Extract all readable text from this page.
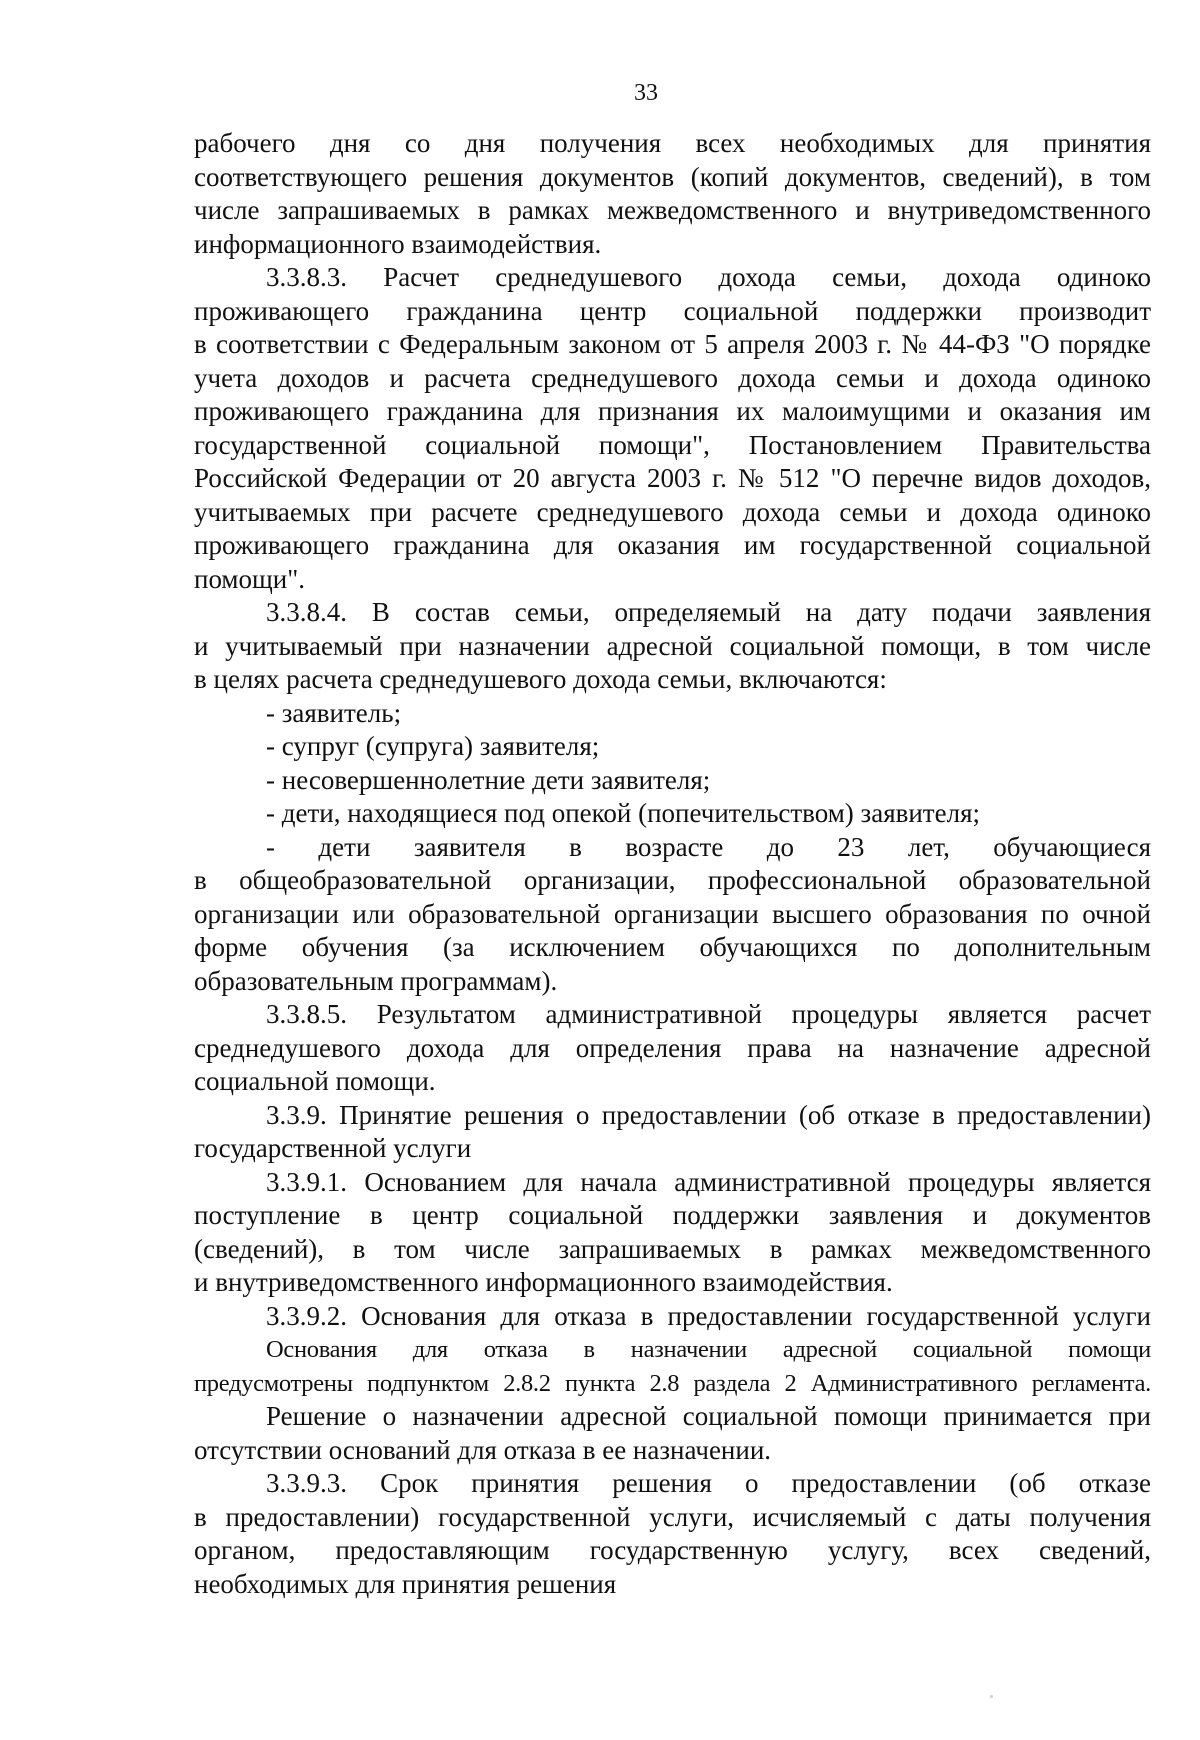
33
рабочего дня со дня получения всех необходимых для принятия
соответствующего решения документов (копий документов, сведений), в том
числе запрашиваемых в рамках межведомственного и внутриведомственного
информационного взаимодействия.
3.3.8.3. Расчет среднедушевого дохода семьи, дохода одиноко
проживающего гражданина центр социальной поддержки производит
в соответствии с Федеральным законом от 5 апреля 2003 г. № 44-ФЗ "О порядке
учета доходов и расчета среднедушевого дохода семьи и дохода одиноко
проживающего гражданина для признания их малоимущими и оказания им
государственной социальной помощи", Постановлением Правительства
Российской Федерации от 20 августа 2003 г. № 512 "О перечне видов доходов,
учитываемых при расчете среднедушевого дохода семьи и дохода одиноко
проживающего гражданина для оказания им государственной социальной
помощи".
3.3.8.4. В состав семьи, определяемый на дату подачи заявления
и учитываемый при назначении адресной социальной помощи, в том числе
в целях расчета среднедушевого дохода семьи, включаются:
- заявитель;
- супруг (супруга) заявителя;
- несовершеннолетние дети заявителя;
- дети, находящиеся под опекой (попечительством) заявителя;
- дети заявителя в возрасте до 23 лет, обучающиеся
в общеобразовательной организации, профессиональной образовательной
организации или образовательной организации высшего образования по очной
форме обучения (за исключением обучающихся по дополнительным
образовательным программам).
3.3.8.5. Результатом административной процедуры является расчет
среднедушевого дохода для определения права на назначение адресной
социальной помощи.
3.3.9. Принятие решения о предоставлении (об отказе в предоставлении)
государственной услуги
3.3.9.1. Основанием для начала административной процедуры является
поступление в центр социальной поддержки заявления и документов
(сведений), в том числе запрашиваемых в рамках межведомственного
и внутриведомственного информационного взаимодействия.
3.3.9.2. Основания для отказа в предоставлении государственной услуги
Основания для отказа в назначении адресной социальной помощи
предусмотрены подпунктом 2.8.2 пункта 2.8 раздела 2 Административного регламента.
Решение о назначении адресной социальной помощи принимается при
отсутствии оснований для отказа в ее назначении.
3.3.9.3. Срок принятия решения о предоставлении (об отказе
в предоставлении) государственной услуги, исчисляемый с даты получения
органом, предоставляющим государственную услугу, всех сведений,
необходимых для принятия решения
